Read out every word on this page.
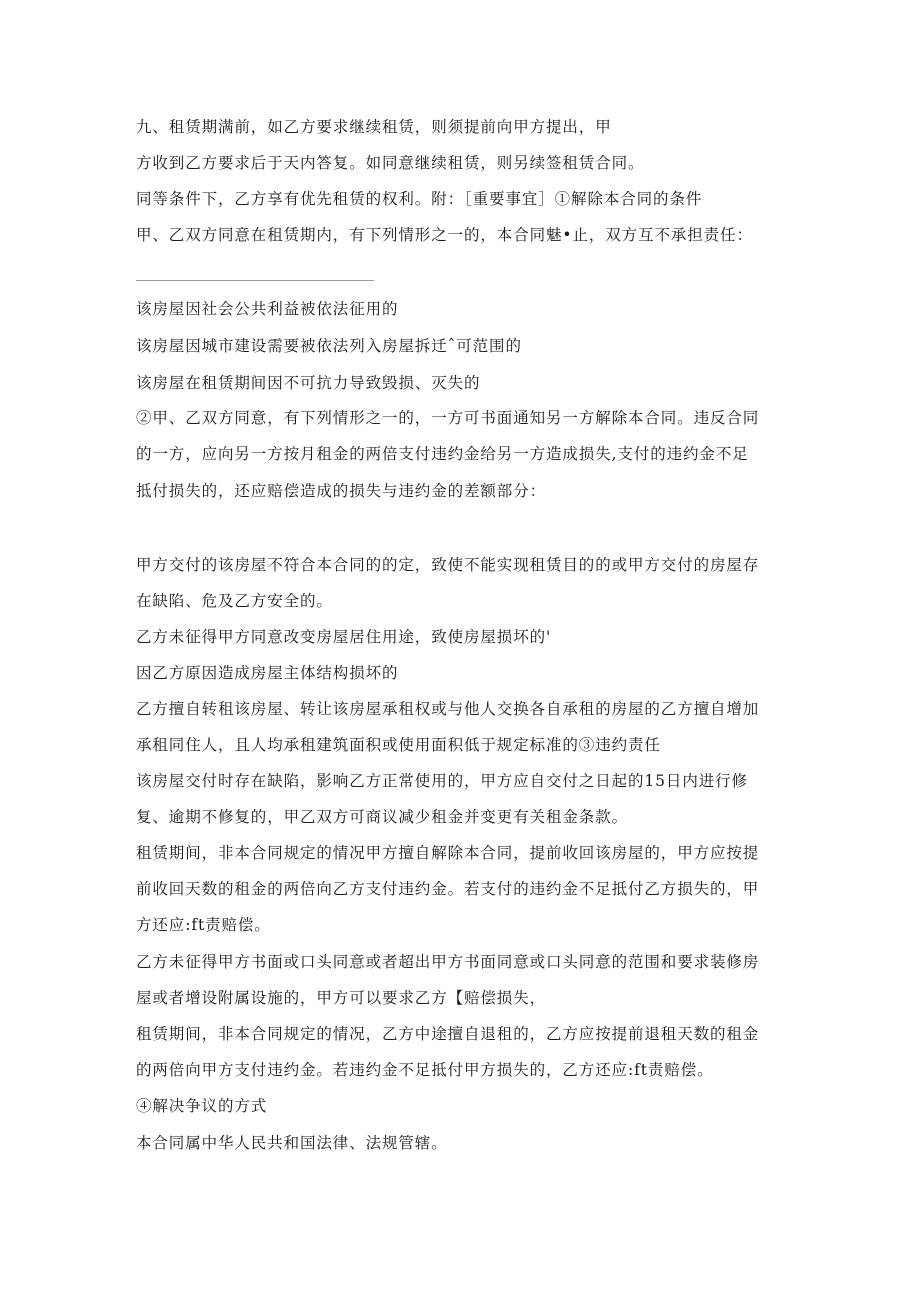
九、租赁期满前，如乙方要求继续租赁，则须提前向甲方提出，甲

方收到乙方要求后于天内答复。如同意继续租赁，则另续签租赁合同。

同等条件下，乙方享有优先租赁的权利。附：［重要事宜］①解除本合同的条件

甲、乙双方同意在租赁期内，有下列情形之一的，本合同魅•止，双方互不承担责任：

该房屋因社会公共利益被依法征用的

该房屋因城市建设需要被依法列入房屋拆迁ˆ可范围的

该房屋在租赁期间因不可抗力导致毁损、灭失的

②甲、乙双方同意，有下列情形之一的，一方可书面通知另一方解除本合同。违反合同

的一方，应向另一方按月租金的两倍支付违约金给另一方造成损失,支付的违约金不足

抵付损失的，还应赔偿造成的损失与违约金的差额部分：

甲方交付的该房屋不符合本合同的的定，致使不能实现租赁目的的或甲方交付的房屋存

在缺陷、危及乙方安全的。

乙方未征得甲方同意改变房屋居住用途，致使房屋损坏的'

因乙方原因造成房屋主体结构损坏的

乙方擅自转租该房屋、转让该房屋承租权或与他人交换各自承租的房屋的乙方擅自增加

承租同住人，且人均承租建筑面积或使用面积低于规定标准的③违约责任

该房屋交付时存在缺陷，影响乙方正常使用的，甲方应自交付之日起的15日内进行修

复、逾期不修复的，甲乙双方可商议减少租金并变更有关租金条款。

租赁期间，非本合同规定的情况甲方擅自解除本合同，提前收回该房屋的，甲方应按提

前收回天数的租金的两倍向乙方支付违约金。若支付的违约金不足抵付乙方损失的，甲

方还应:ft责赔偿。

乙方未征得甲方书面或口头同意或者超出甲方书面同意或口头同意的范围和要求装修房

屋或者增设附属设施的，甲方可以要求乙方【赔偿损失，

租赁期间，非本合同规定的情况，乙方中途擅自退租的，乙方应按提前退租天数的租金

的两倍向甲方支付违约金。若违约金不足抵付甲方损失的，乙方还应:ft责赔偿。

④解决争议的方式

本合同属中华人民共和国法律、法规管辖。
